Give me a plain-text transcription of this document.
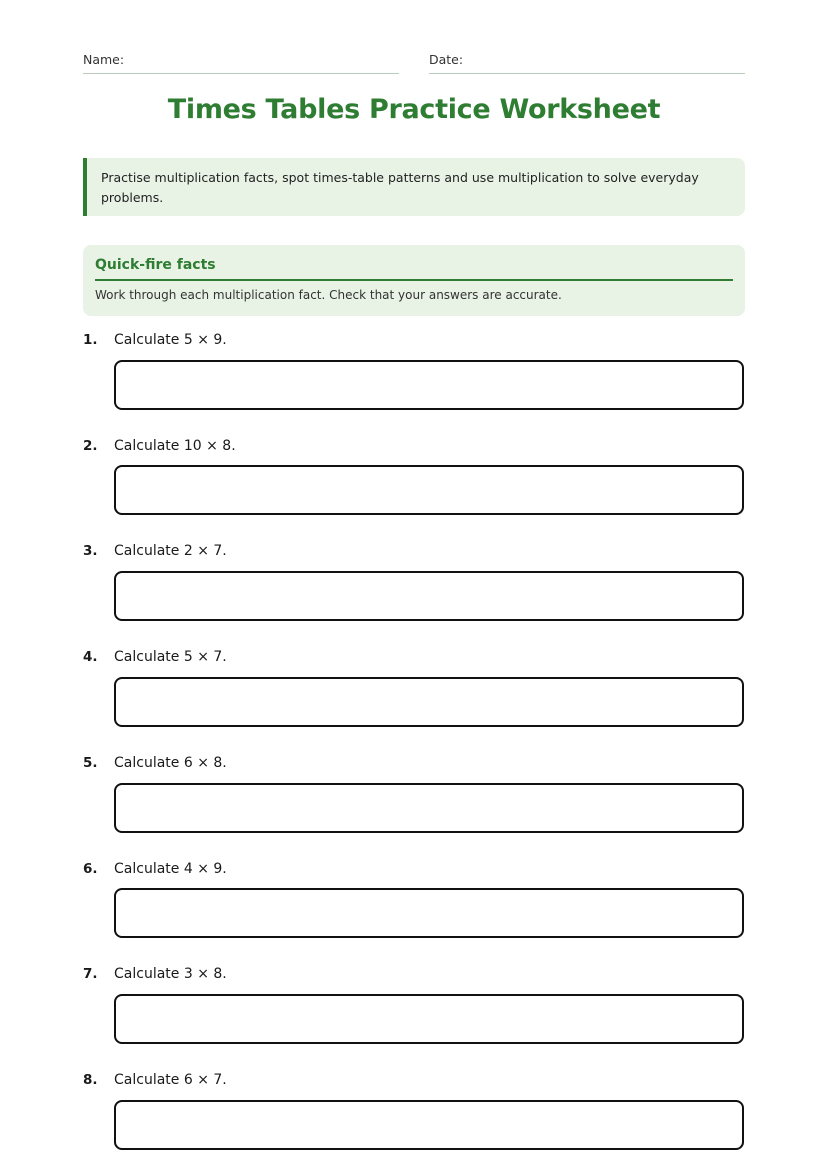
Name:	Date:
Times Tables Practice Worksheet
Practise multiplication facts, spot times-table patterns and use multiplication to solve everyday problems.
Quick-fire facts
Work through each multiplication fact. Check that your answers are accurate.
1. Calculate 5 × 9.
2. Calculate 10 × 8.
3. Calculate 2 × 7.
4. Calculate 5 × 7.
5. Calculate 6 × 8.
6. Calculate 4 × 9.
7. Calculate 3 × 8.
8. Calculate 6 × 7.
